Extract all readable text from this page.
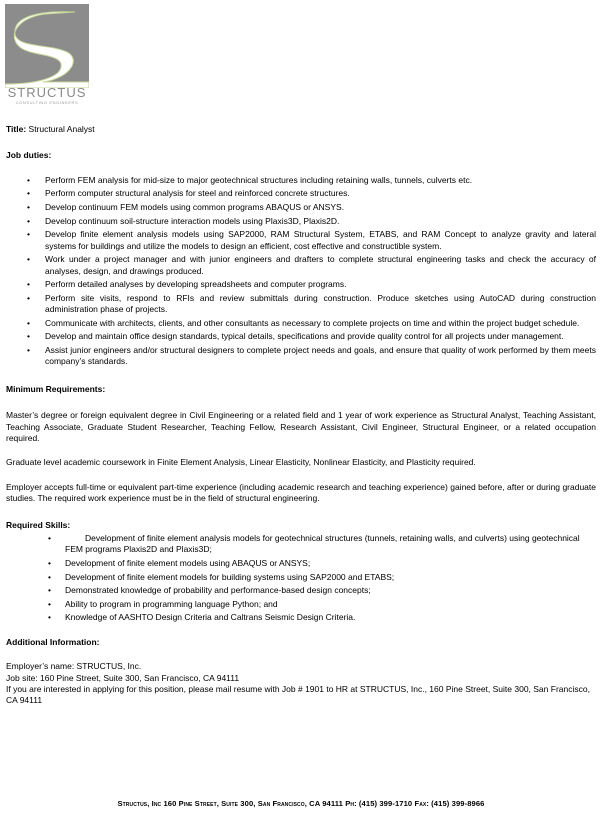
STRUCTUS
CONSULTING ENGINEERS
Title: Structural Analyst
Job duties:
• Perform FEM analysis for mid-size to major geotechnical structures including retaining walls, tunnels, culverts etc.
• Perform computer structural analysis for steel and reinforced concrete structures.
• Develop continuum FEM models using common programs ABAQUS or ANSYS.
• Develop continuum soil-structure interaction models using Plaxis3D, Plaxis2D.
• Develop finite element analysis models using SAP2000, RAM Structural System, ETABS, and RAM Concept to analyze gravity and lateral systems for buildings and utilize the models to design an efficient, cost effective and constructible system.
• Work under a project manager and with junior engineers and drafters to complete structural engineering tasks and check the accuracy of analyses, design, and drawings produced.
• Perform detailed analyses by developing spreadsheets and computer programs.
• Perform site visits, respond to RFIs and review submittals during construction. Produce sketches using AutoCAD during construction administration phase of projects.
• Communicate with architects, clients, and other consultants as necessary to complete projects on time and within the project budget schedule.
• Develop and maintain office design standards, typical details, specifications and provide quality control for all projects under management.
• Assist junior engineers and/or structural designers to complete project needs and goals, and ensure that quality of work performed by them meets company’s standards.
Minimum Requirements:
Master’s degree or foreign equivalent degree in Civil Engineering or a related field and 1 year of work experience as Structural Analyst, Teaching Assistant, Teaching Associate, Graduate Student Researcher, Teaching Fellow, Research Assistant, Civil Engineer, Structural Engineer, or a related occupation required.
Graduate level academic coursework in Finite Element Analysis, Linear Elasticity, Nonlinear Elasticity, and Plasticity required.
Employer accepts full-time or equivalent part-time experience (including academic research and teaching experience) gained before, after or during graduate studies. The required work experience must be in the field of structural engineering.
Required Skills:
• Development of finite element analysis models for geotechnical structures (tunnels, retaining walls, and culverts) using geotechnical FEM programs Plaxis2D and Plaxis3D;
• Development of finite element models using ABAQUS or ANSYS;
• Development of finite element models for building systems using SAP2000 and ETABS;
• Demonstrated knowledge of probability and performance-based design concepts;
• Ability to program in programming language Python; and
• Knowledge of AASHTO Design Criteria and Caltrans Seismic Design Criteria.
Additional Information:
Employer’s name: STRUCTUS, Inc.
Job site: 160 Pine Street, Suite 300, San Francisco, CA 94111
If you are interested in applying for this position, please mail resume with Job # 1901 to HR at STRUCTUS, Inc., 160 Pine Street, Suite 300, San Francisco, CA 94111
Structus, Inc 160 Pine Street, Suite 300, San Francisco, CA 94111 Ph: (415) 399-1710 Fax: (415) 399-8966
